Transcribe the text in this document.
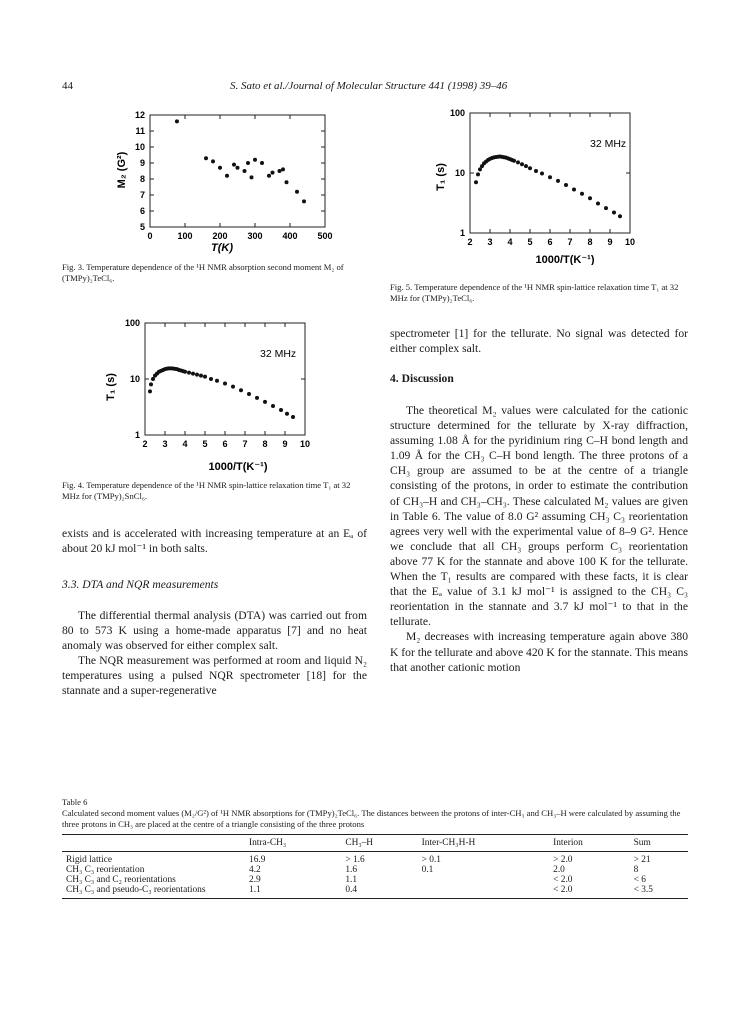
44	S. Sato et al./Journal of Molecular Structure 441 (1998) 39–46
0	100 200 300 400 500
5
6
7
8
9
10
11
12
M₂ (G²)
T(K)
Fig. 3. Temperature dependence of the ¹H NMR absorption second moment M₂ of (TMPy)₂TeCl₆.
2 3 4 5 6 7 8 9 10
1
10
100
T₁ (s)
1000/T(K⁻¹)
32 MHz
Fig. 5. Temperature dependence of the ¹H NMR spin-lattice relaxation time T₁ at 32 MHz for (TMPy)₂TeCl₆.
2 3 4 5 6 7 8 9 10
1
10
100
T₁ (s)
1000/T(K⁻¹)
32 MHz
Fig. 4. Temperature dependence of the ¹H NMR spin-lattice relaxation time T₁ at 32 MHz for (TMPy)₂SnCl₆.

exists and is accelerated with increasing temperature at an Eₐ of about 20 kJ mol⁻¹ in both salts.

3.3. DTA and NQR measurements

The differential thermal analysis (DTA) was carried out from 80 to 573 K using a home-made apparatus [7] and no heat anomaly was observed for either complex salt.

The NQR measurement was performed at room and liquid N₂ temperatures using a pulsed NQR spectrometer [18] for the stannate and a super-regenerative

spectrometer [1] for the tellurate. No signal was detected for either complex salt.

4. Discussion

The theoretical M₂ values were calculated for the cationic structure determined for the tellurate by X-ray diffraction, assuming 1.08 Å for the pyridinium ring C–H bond length and 1.09 Å for the CH₃ C–H bond length. The three protons of a CH₃ group are assumed to be at the centre of a triangle consisting of the protons, in order to estimate the contribution of CH₃–H and CH₃–CH₃. These calculated M₂ values are given in Table 6. The value of 8.0 G² assuming CH₃ C₃ reorientation agrees very well with the experimental value of 8–9 G². Hence we conclude that all CH₃ groups perform C₃ reorientation above 77 K for the stannate and above 100 K for the tellurate. When the T₁ results are compared with these facts, it is clear that the Eₐ value of 3.1 kJ mol⁻¹ is assigned to the CH₃ C₃ reorientation in the stannate and 3.7 kJ mol⁻¹ to that in the tellurate.

M₂ decreases with increasing temperature again above 380 K for the tellurate and above 420 K for the stannate. This means that another cationic motion

Table 6
Calculated second moment values (M₂/G²) of ¹H NMR absorptions for (TMPy)₂TeCl₆. The distances between the protons of inter-CH₃ and CH₃–H were calculated by assuming the three protons in CH₃ are placed at the centre of a triangle consisting of the three protons
	Intra-CH₃	CH₃–H	Inter-CH₃H-H	Interion	Sum
Rigid lattice	16.9	> 1.6	> 0.1	> 2.0	> 21
CH₃ C₃ reorientation	4.2	1.6	0.1	2.0	8
CH₃ C₃ and C₂ reorientations	2.9	1.1		< 2.0	< 6
CH₃ C₃ and pseudo-C₃ reorientations	1.1	0.4		< 2.0	< 3.5
